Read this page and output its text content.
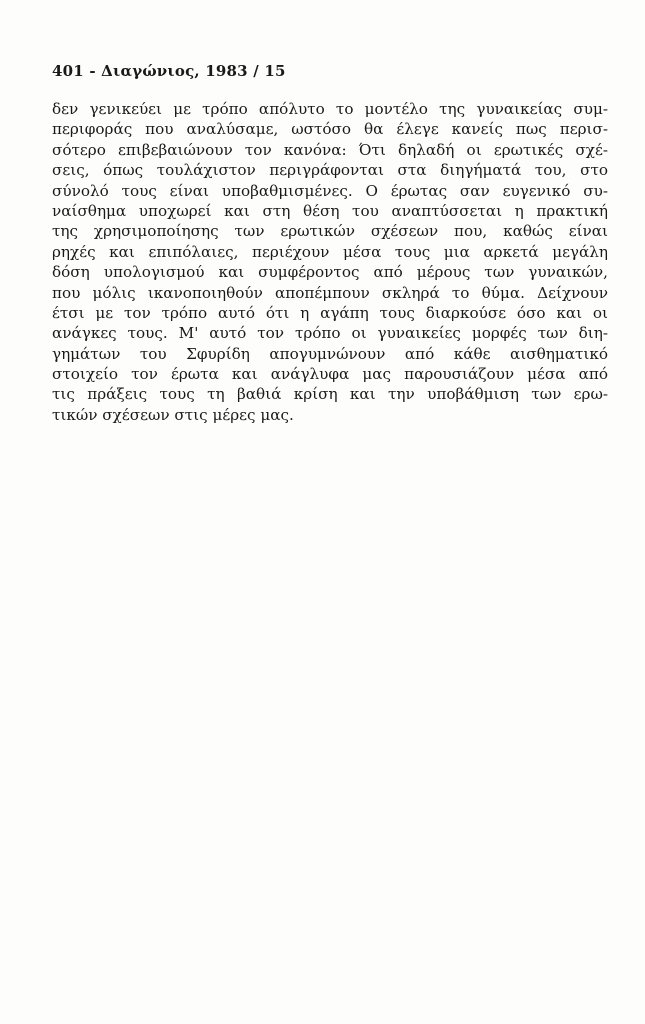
401 - Διαγώνιος, 1983 / 15
δεν γενικεύει με τρόπο απόλυτο το μοντέλο της γυναικείας συμ-
περιφοράς που αναλύσαμε, ωστόσο θα έλεγε κανείς πως περισ-
σότερο επιβεβαιώνουν τον κανόνα: Ότι δηλαδή οι ερωτικές σχέ-
σεις, όπως τουλάχιστον περιγράφονται στα διηγήματά του, στο
σύνολό τους είναι υποβαθμισμένες. Ο έρωτας σαν ευγενικό συ-
ναίσθημα υποχωρεί και στη θέση του αναπτύσσεται η πρακτική
της χρησιμοποίησης των ερωτικών σχέσεων που, καθώς είναι
ρηχές και επιπόλαιες, περιέχουν μέσα τους μια αρκετά μεγάλη
δόση υπολογισμού και συμφέροντος από μέρους των γυναικών,
που μόλις ικανοποιηθούν αποπέμπουν σκληρά το θύμα. Δείχνουν
έτσι με τον τρόπο αυτό ότι η αγάπη τους διαρκούσε όσο και οι
ανάγκες τους. Μ' αυτό τον τρόπο οι γυναικείες μορφές των διη-
γημάτων του Σφυρίδη απογυμνώνουν από κάθε αισθηματικό
στοιχείο τον έρωτα και ανάγλυφα μας παρουσιάζουν μέσα από
τις πράξεις τους τη βαθιά κρίση και την υποβάθμιση των ερω-
τικών σχέσεων στις μέρες μας.
